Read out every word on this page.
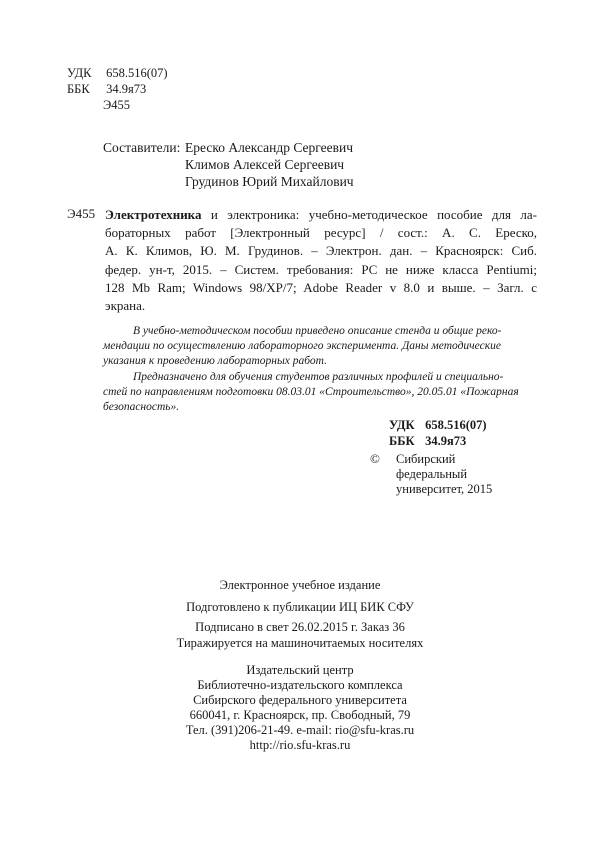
УДК 658.516(07)
ББК 34.9я73
Э455
Составители: Ереско Александр Сергеевич
Климов Алексей Сергеевич
Грудинов Юрий Михайлович
Э455 Электротехника и электроника: учебно-методическое пособие для ла-
бораторных работ [Электронный ресурс] / сост.: А. С. Ереско,
А. К. Климов, Ю. М. Грудинов. – Электрон. дан. – Красноярск: Сиб.
федер. ун-т, 2015. – Систем. требования: PC не ниже класса Pentiumi;
128 Mb Ram; Windows 98/XP/7; Adobe Reader v 8.0 и выше. – Загл. с
экрана.
В учебно-методическом пособии приведено описание стенда и общие реко-
мендации по осуществлению лабораторного эксперимента. Даны методические
указания к проведению лабораторных работ.
Предназначено для обучения студентов различных профилей и специально-
стей по направлениям подготовки 08.03.01 «Строительство», 20.05.01 «Пожарная
безопасность».
УДК 658.516(07)
ББК 34.9я73
© Сибирский
федеральный
университет, 2015
Электронное учебное издание
Подготовлено к публикации ИЦ БИК СФУ
Подписано в свет 26.02.2015 г. Заказ 36
Тиражируется на машиночитаемых носителях
Издательский центр
Библиотечно-издательского комплекса
Сибирского федерального университета
660041, г. Красноярск, пр. Свободный, 79
Тел. (391)206-21-49. e-mail: rio@sfu-kras.ru
http://rio.sfu-kras.ru
